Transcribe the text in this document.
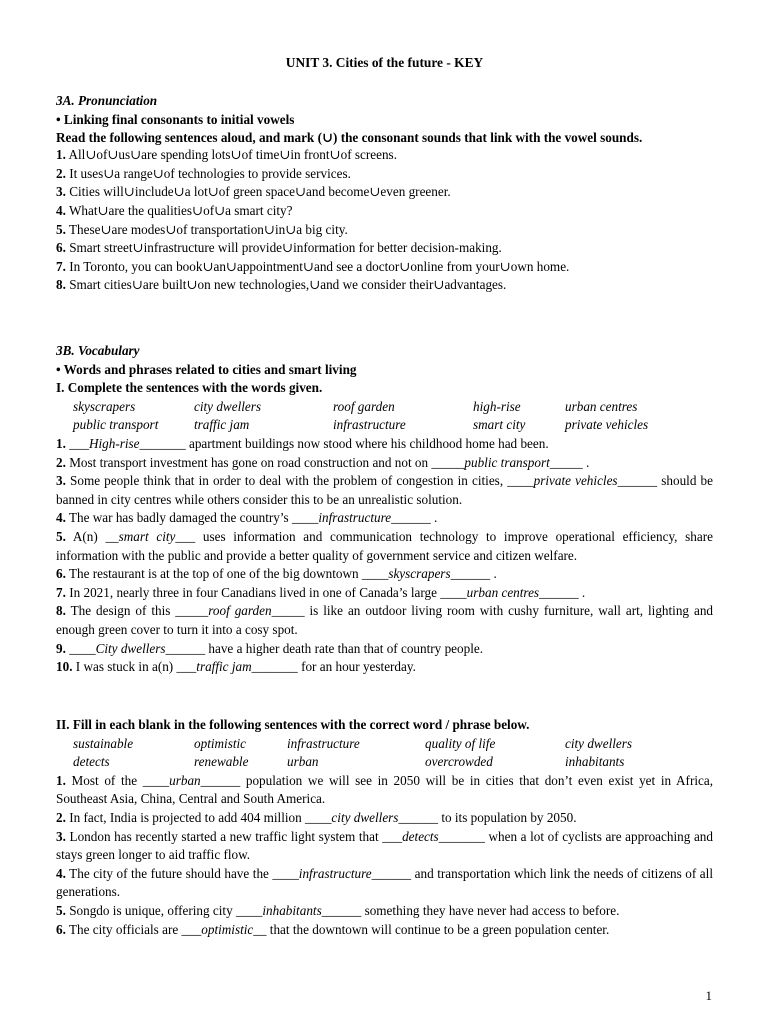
UNIT 3. Cities of the future - KEY
3A. Pronunciation
• Linking final consonants to initial vowels
Read the following sentences aloud, and mark (∪) the consonant sounds that link with the vowel sounds.
1. All∪of∪us∪are spending lots∪of time∪in front∪of screens.
2. It uses∪a range∪of technologies to provide services.
3. Cities will∪include∪a lot∪of green space∪and become∪even greener.
4. What∪are the qualities∪of∪a smart city?
5. These∪are modes∪of transportation∪in∪a big city.
6. Smart street∪infrastructure will provide∪information for better decision-making.
7. In Toronto, you can book∪an∪appointment∪and see a doctor∪online from your∪own home.
8. Smart cities∪are built∪on new technologies,∪and we consider their∪advantages.
3B. Vocabulary
• Words and phrases related to cities and smart living
I. Complete the sentences with the words given.
skyscrapers	city dwellers	roof garden	high-rise	urban centres
public transport	traffic jam	infrastructure	smart city	private vehicles
1. ___High-rise_______ apartment buildings now stood where his childhood home had been.
2. Most transport investment has gone on road construction and not on _____public transport_____ .
3. Some people think that in order to deal with the problem of congestion in cities, ____private vehicles______ should be banned in city centres while others consider this to be an unrealistic solution.
4. The war has badly damaged the country’s ____infrastructure______ .
5. A(n) __smart city___ uses information and communication technology to improve operational efficiency, share information with the public and provide a better quality of government service and citizen welfare.
6. The restaurant is at the top of one of the big downtown ____skyscrapers______ .
7. In 2021, nearly three in four Canadians lived in one of Canada’s large ____urban centres______ .
8. The design of this _____roof garden_____ is like an outdoor living room with cushy furniture, wall art, lighting and enough green cover to turn it into a cosy spot.
9. ____City dwellers______ have a higher death rate than that of country people.
10. I was stuck in a(n) ___traffic jam_______ for an hour yesterday.
II. Fill in each blank in the following sentences with the correct word / phrase below.
sustainable	optimistic	infrastructure	quality of life	city dwellers
detects	renewable	urban	overcrowded	inhabitants
1. Most of the ____urban______ population we will see in 2050 will be in cities that don’t even exist yet in Africa, Southeast Asia, China, Central and South America.
2. In fact, India is projected to add 404 million ____city dwellers______ to its population by 2050.
3. London has recently started a new traffic light system that ___detects_______ when a lot of cyclists are approaching and stays green longer to aid traffic flow.
4. The city of the future should have the ____infrastructure______ and transportation which link the needs of citizens of all generations.
5. Songdo is unique, offering city ____inhabitants______ something they have never had access to before.
6. The city officials are ___optimistic__ that the downtown will continue to be a green population center.
1
